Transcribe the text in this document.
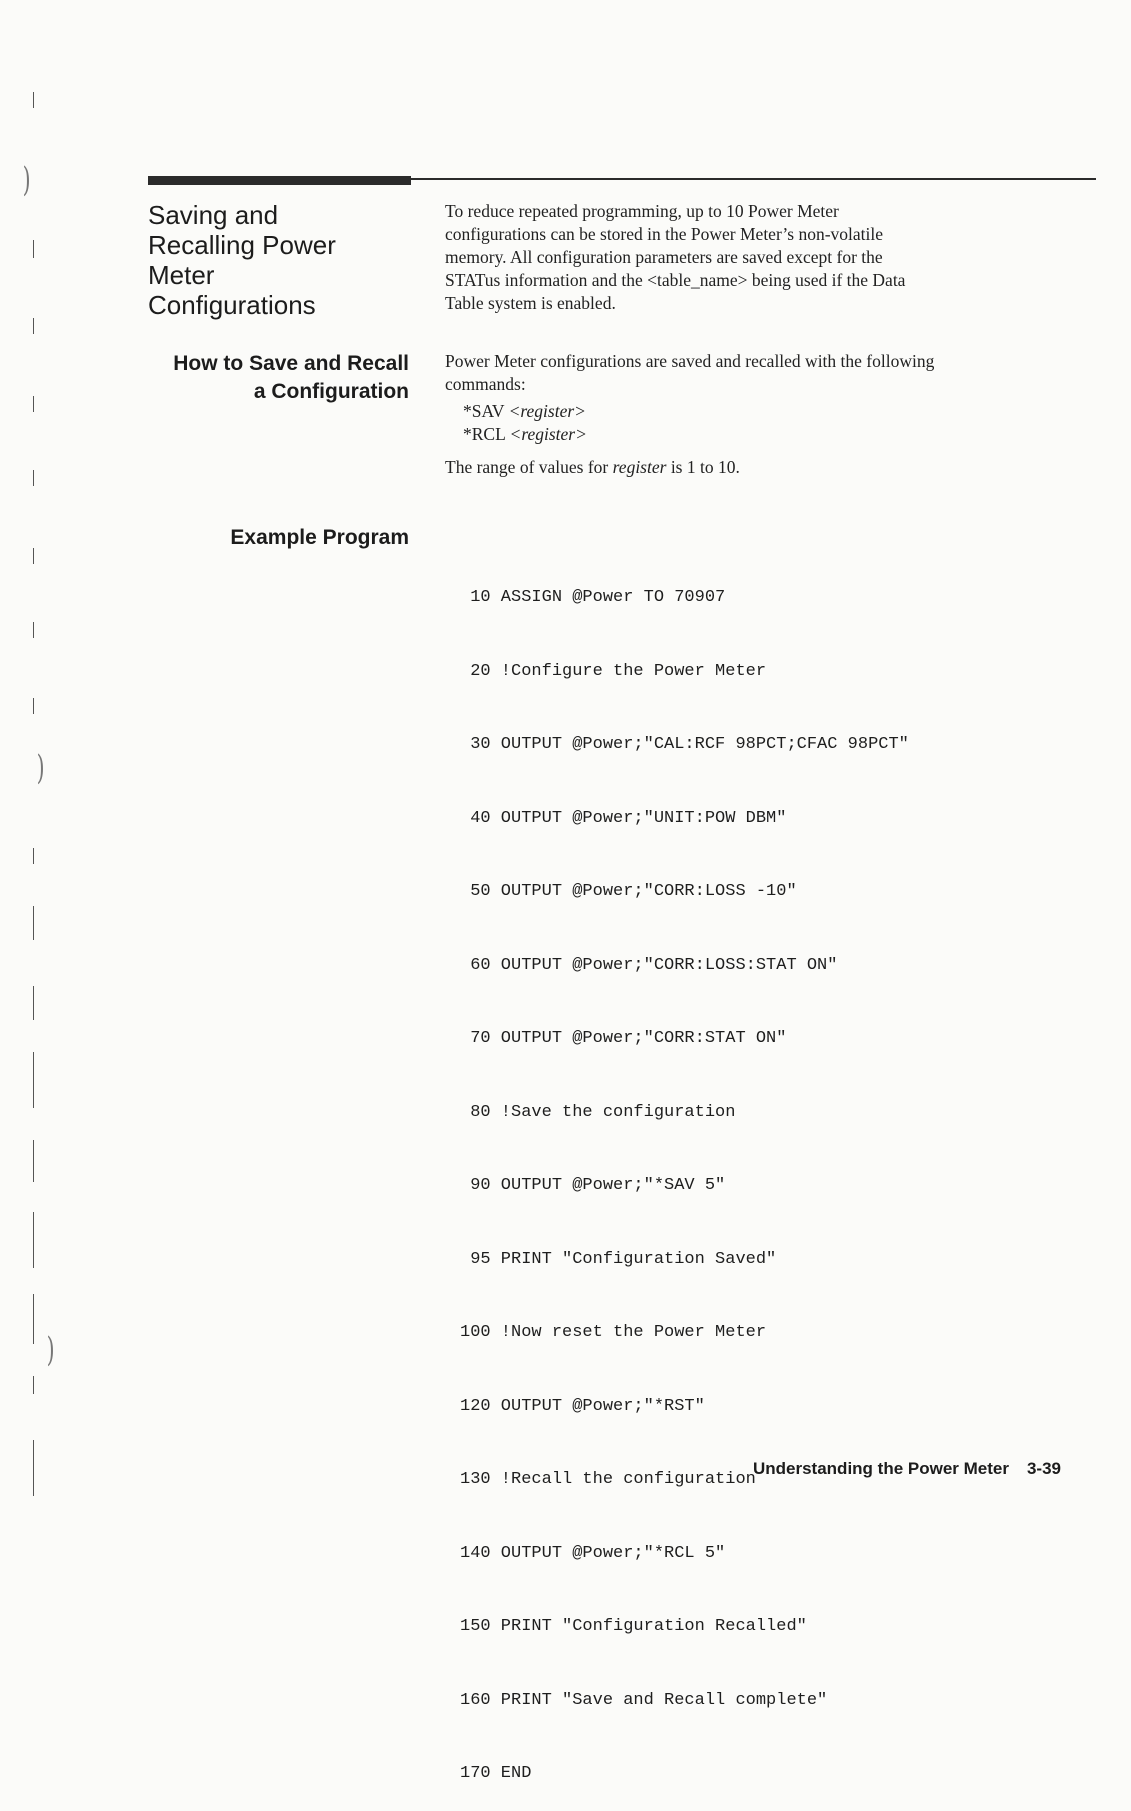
)
)
)
Saving and
Recalling Power
Meter
Configurations
To reduce repeated programming, up to 10 Power Meter
configurations can be stored in the Power Meter’s non-volatile
memory. All configuration parameters are saved except for the
STATus information and the <table_name> being used if the Data
Table system is enabled.
How to Save and Recall
a Configuration
Power Meter configurations are saved and recalled with the following
commands:
*SAV <register>
*RCL <register>
The range of values for register is 1 to 10.
Example Program

10 ASSIGN @Power TO 70907

20 !Configure the Power Meter

30 OUTPUT @Power;"CAL:RCF 98PCT;CFAC 98PCT"

40 OUTPUT @Power;"UNIT:POW DBM"

50 OUTPUT @Power;"CORR:LOSS -10"

60 OUTPUT @Power;"CORR:LOSS:STAT ON"

70 OUTPUT @Power;"CORR:STAT ON"

80 !Save the configuration

90 OUTPUT @Power;"*SAV 5"

95 PRINT "Configuration Saved"

100 !Now reset the Power Meter

120 OUTPUT @Power;"*RST"

130 !Recall the configuration

140 OUTPUT @Power;"*RCL 5"

150 PRINT "Configuration Recalled"

160 PRINT "Save and Recall complete"

170 END

Understanding the Power Meter 3-39
